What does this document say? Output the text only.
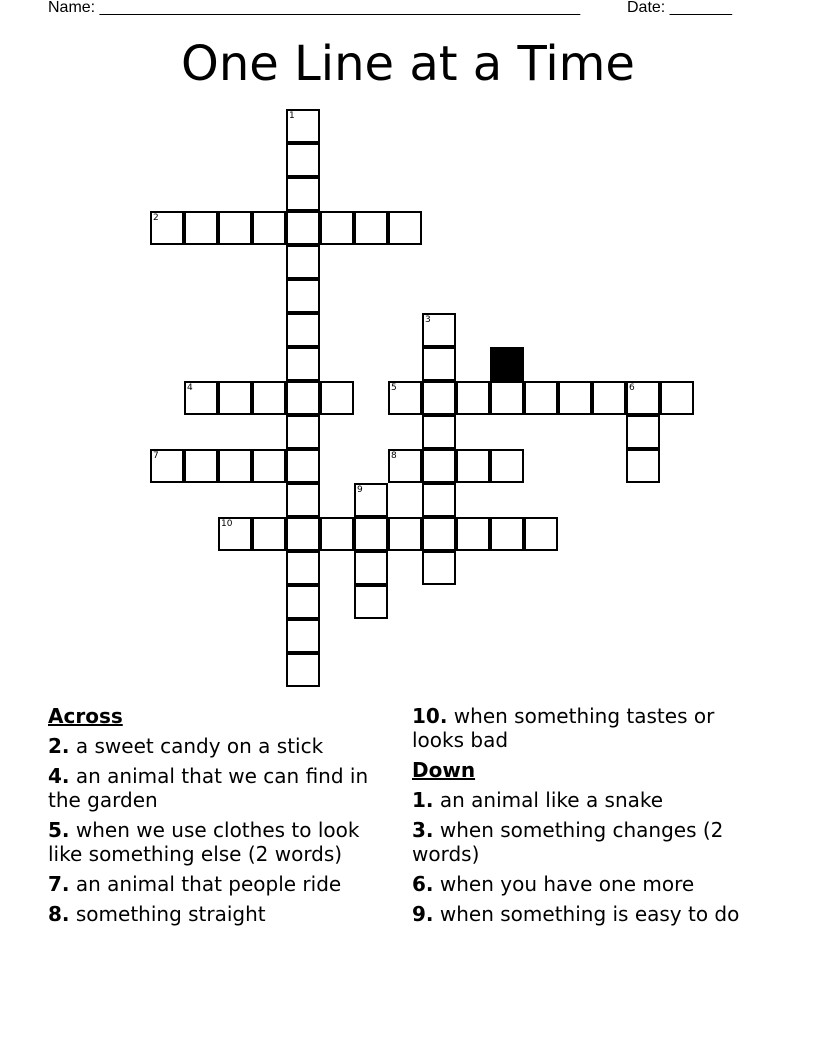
Name: ______________________________________________________	Date: _______
One Line at a Time
1
2
3
4	5	6
7	8
9
10
Across
2. a sweet candy on a stick
4. an animal that we can find in the garden
5. when we use clothes to look like something else (2 words)
7. an animal that people ride
8. something straight
10. when something tastes or looks bad
Down
1. an animal like a snake
3. when something changes (2 words)
6. when you have one more
9. when something is easy to do
